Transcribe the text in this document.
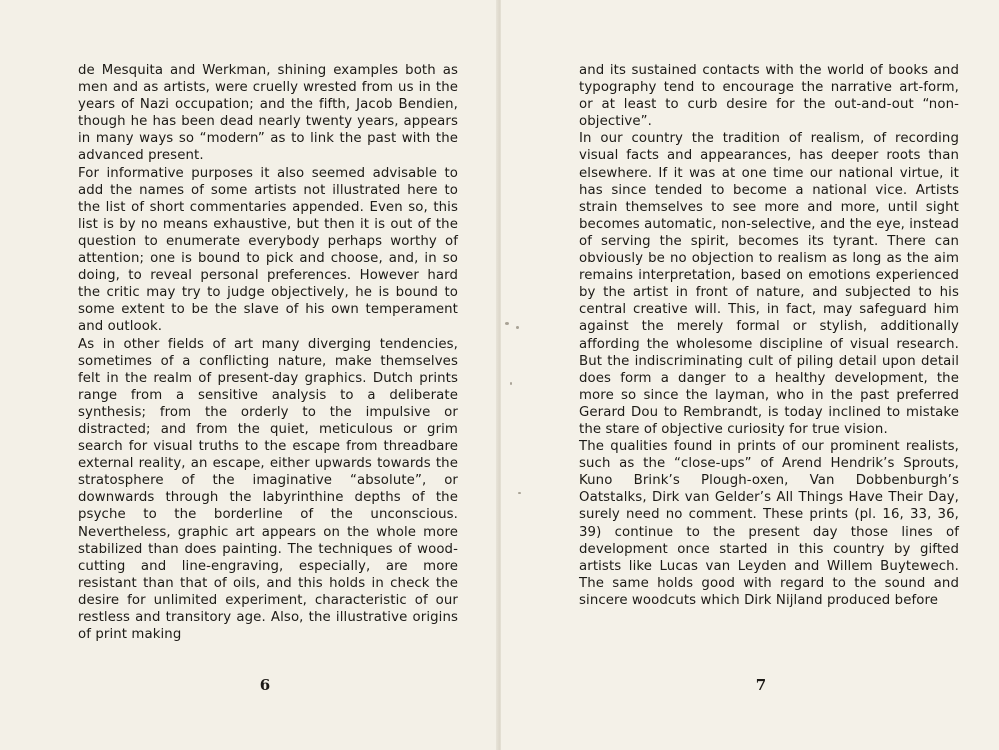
de Mesquita and Werkman, shining examples both as men and as artists, were cruelly wrested from us in the years of Nazi occupation; and the fifth, Jacob Bendien, though he has been dead nearly twenty years, appears in many ways so “modern” as to link the past with the advanced present.

For informative purposes it also seemed advisable to add the names of some artists not illustrated here to the list of short commentaries appended. Even so, this list is by no means exhaustive, but then it is out of the question to enumerate everybody perhaps worthy of attention; one is bound to pick and choose, and, in so doing, to reveal personal preferences. However hard the critic may try to judge objectively, he is bound to some extent to be the slave of his own temperament and outlook.

As in other fields of art many diverging tendencies, sometimes of a conflicting nature, make themselves felt in the realm of present-day graphics. Dutch prints range from a sensitive analysis to a deliberate synthesis; from the orderly to the impulsive or distracted; and from the quiet, meticulous or grim search for visual truths to the escape from threadbare external reality, an escape, either upwards towards the stratosphere of the imaginative “absolute”, or downwards through the labyrinthine depths of the psyche to the borderline of the unconscious. Nevertheless, graphic art appears on the whole more stabilized than does painting. The techniques of wood-cutting and line-engraving, especially, are more resistant than that of oils, and this holds in check the desire for unlimited experiment, characteristic of our restless and transitory age. Also, the illustrative origins of print making

6

and its sustained contacts with the world of books and typography tend to encourage the narrative art-form, or at least to curb desire for the out-and-out “non-objective”.

In our country the tradition of realism, of recording visual facts and appearances, has deeper roots than elsewhere. If it was at one time our national virtue, it has since tended to become a national vice. Artists strain themselves to see more and more, until sight becomes automatic, non-selective, and the eye, instead of serving the spirit, becomes its tyrant. There can obviously be no objection to realism as long as the aim remains interpretation, based on emotions experienced by the artist in front of nature, and subjected to his central creative will. This, in fact, may safeguard him against the merely formal or stylish, additionally affording the wholesome discipline of visual research. But the indiscriminating cult of piling detail upon detail does form a danger to a healthy development, the more so since the layman, who in the past preferred Gerard Dou to Rembrandt, is today inclined to mistake the stare of objective curiosity for true vision.

The qualities found in prints of our prominent realists, such as the “close-ups” of Arend Hendrik’s Sprouts, Kuno Brink’s Plough-oxen, Van Dobbenburgh’s Oatstalks, Dirk van Gelder’s All Things Have Their Day, surely need no comment. These prints (pl. 16, 33, 36, 39) continue to the present day those lines of development once started in this country by gifted artists like Lucas van Leyden and Willem Buytewech. The same holds good with regard to the sound and sincere woodcuts which Dirk Nijland produced before

7
